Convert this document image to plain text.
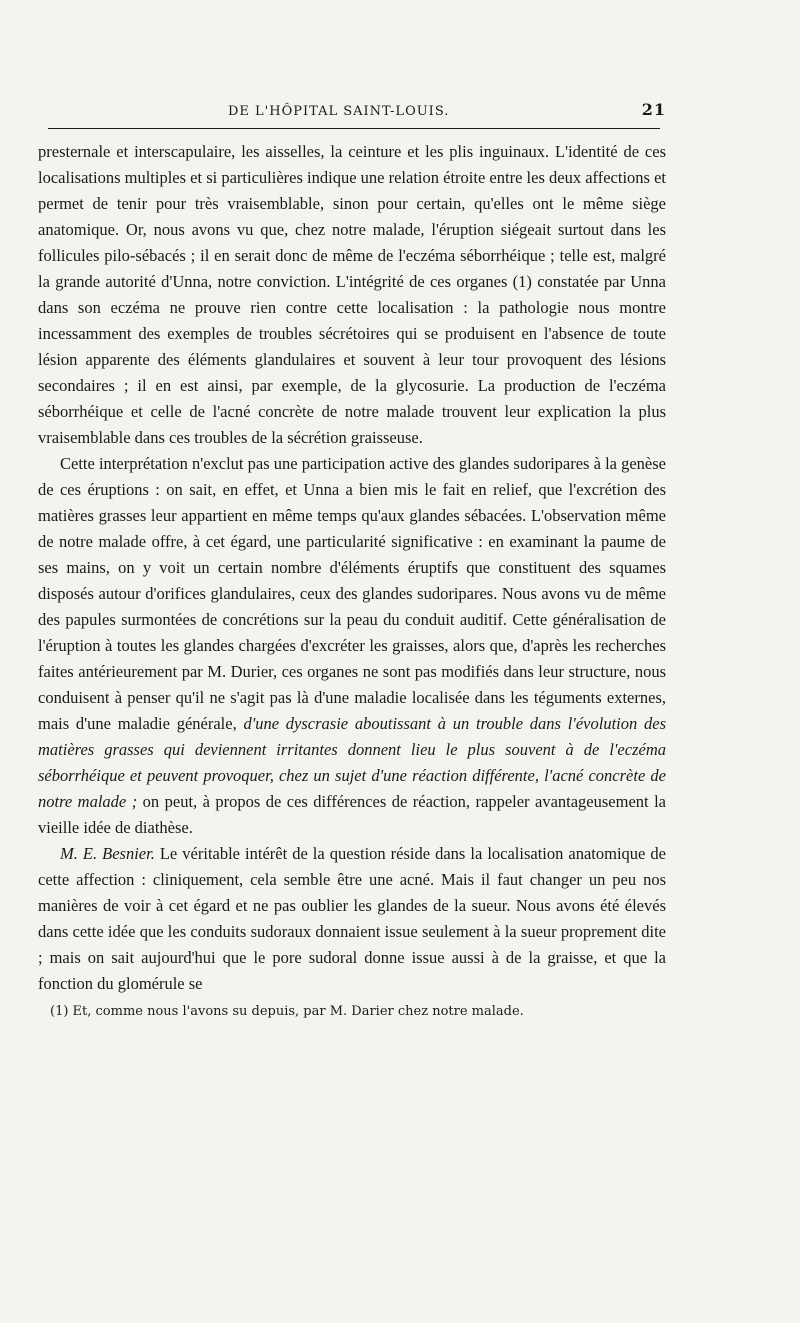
DE L'HÔPITAL SAINT-LOUIS.	21

presternale et interscapulaire, les aisselles, la ceinture et les plis inguinaux. L'identité de ces localisations multiples et si particulières indique une relation étroite entre les deux affections et permet de tenir pour très vraisemblable, sinon pour certain, qu'elles ont le même siège anatomique. Or, nous avons vu que, chez notre malade, l'éruption siégeait surtout dans les follicules pilo-sébacés ; il en serait donc de même de l'eczéma séborrhéique ; telle est, malgré la grande autorité d'Unna, notre conviction. L'intégrité de ces organes (1) constatée par Unna dans son eczéma ne prouve rien contre cette localisation : la pathologie nous montre incessamment des exemples de troubles sécrétoires qui se produisent en l'absence de toute lésion apparente des éléments glandulaires et souvent à leur tour provoquent des lésions secondaires ; il en est ainsi, par exemple, de la glycosurie. La production de l'eczéma séborrhéique et celle de l'acné concrète de notre malade trouvent leur explication la plus vraisemblable dans ces troubles de la sécrétion graisseuse.

Cette interprétation n'exclut pas une participation active des glandes sudoripares à la genèse de ces éruptions : on sait, en effet, et Unna a bien mis le fait en relief, que l'excrétion des matières grasses leur appartient en même temps qu'aux glandes sébacées. L'observation même de notre malade offre, à cet égard, une particularité significative : en examinant la paume de ses mains, on y voit un certain nombre d'éléments éruptifs que constituent des squames disposés autour d'orifices glandulaires, ceux des glandes sudoripares. Nous avons vu de même des papules surmontées de concrétions sur la peau du conduit auditif. Cette généralisation de l'éruption à toutes les glandes chargées d'excréter les graisses, alors que, d'après les recherches faites antérieurement par M. Durier, ces organes ne sont pas modifiés dans leur structure, nous conduisent à penser qu'il ne s'agit pas là d'une maladie localisée dans les téguments externes, mais d'une maladie générale, d'une dyscrasie aboutissant à un trouble dans l'évolution des matières grasses qui deviennent irritantes donnent lieu le plus souvent à de l'eczéma séborrhéique et peuvent provoquer, chez un sujet d'une réaction différente, l'acné concrète de notre malade ; on peut, à propos de ces différences de réaction, rappeler avantageusement la vieille idée de diathèse.

M. E. Besnier. Le véritable intérêt de la question réside dans la localisation anatomique de cette affection : cliniquement, cela semble être une acné. Mais il faut changer un peu nos manières de voir à cet égard et ne pas oublier les glandes de la sueur. Nous avons été élevés dans cette idée que les conduits sudoraux donnaient issue seulement à la sueur proprement dite ; mais on sait aujourd'hui que le pore sudoral donne issue aussi à de la graisse, et que la fonction du glomérule se

(1) Et, comme nous l'avons su depuis, par M. Darier chez notre malade.
